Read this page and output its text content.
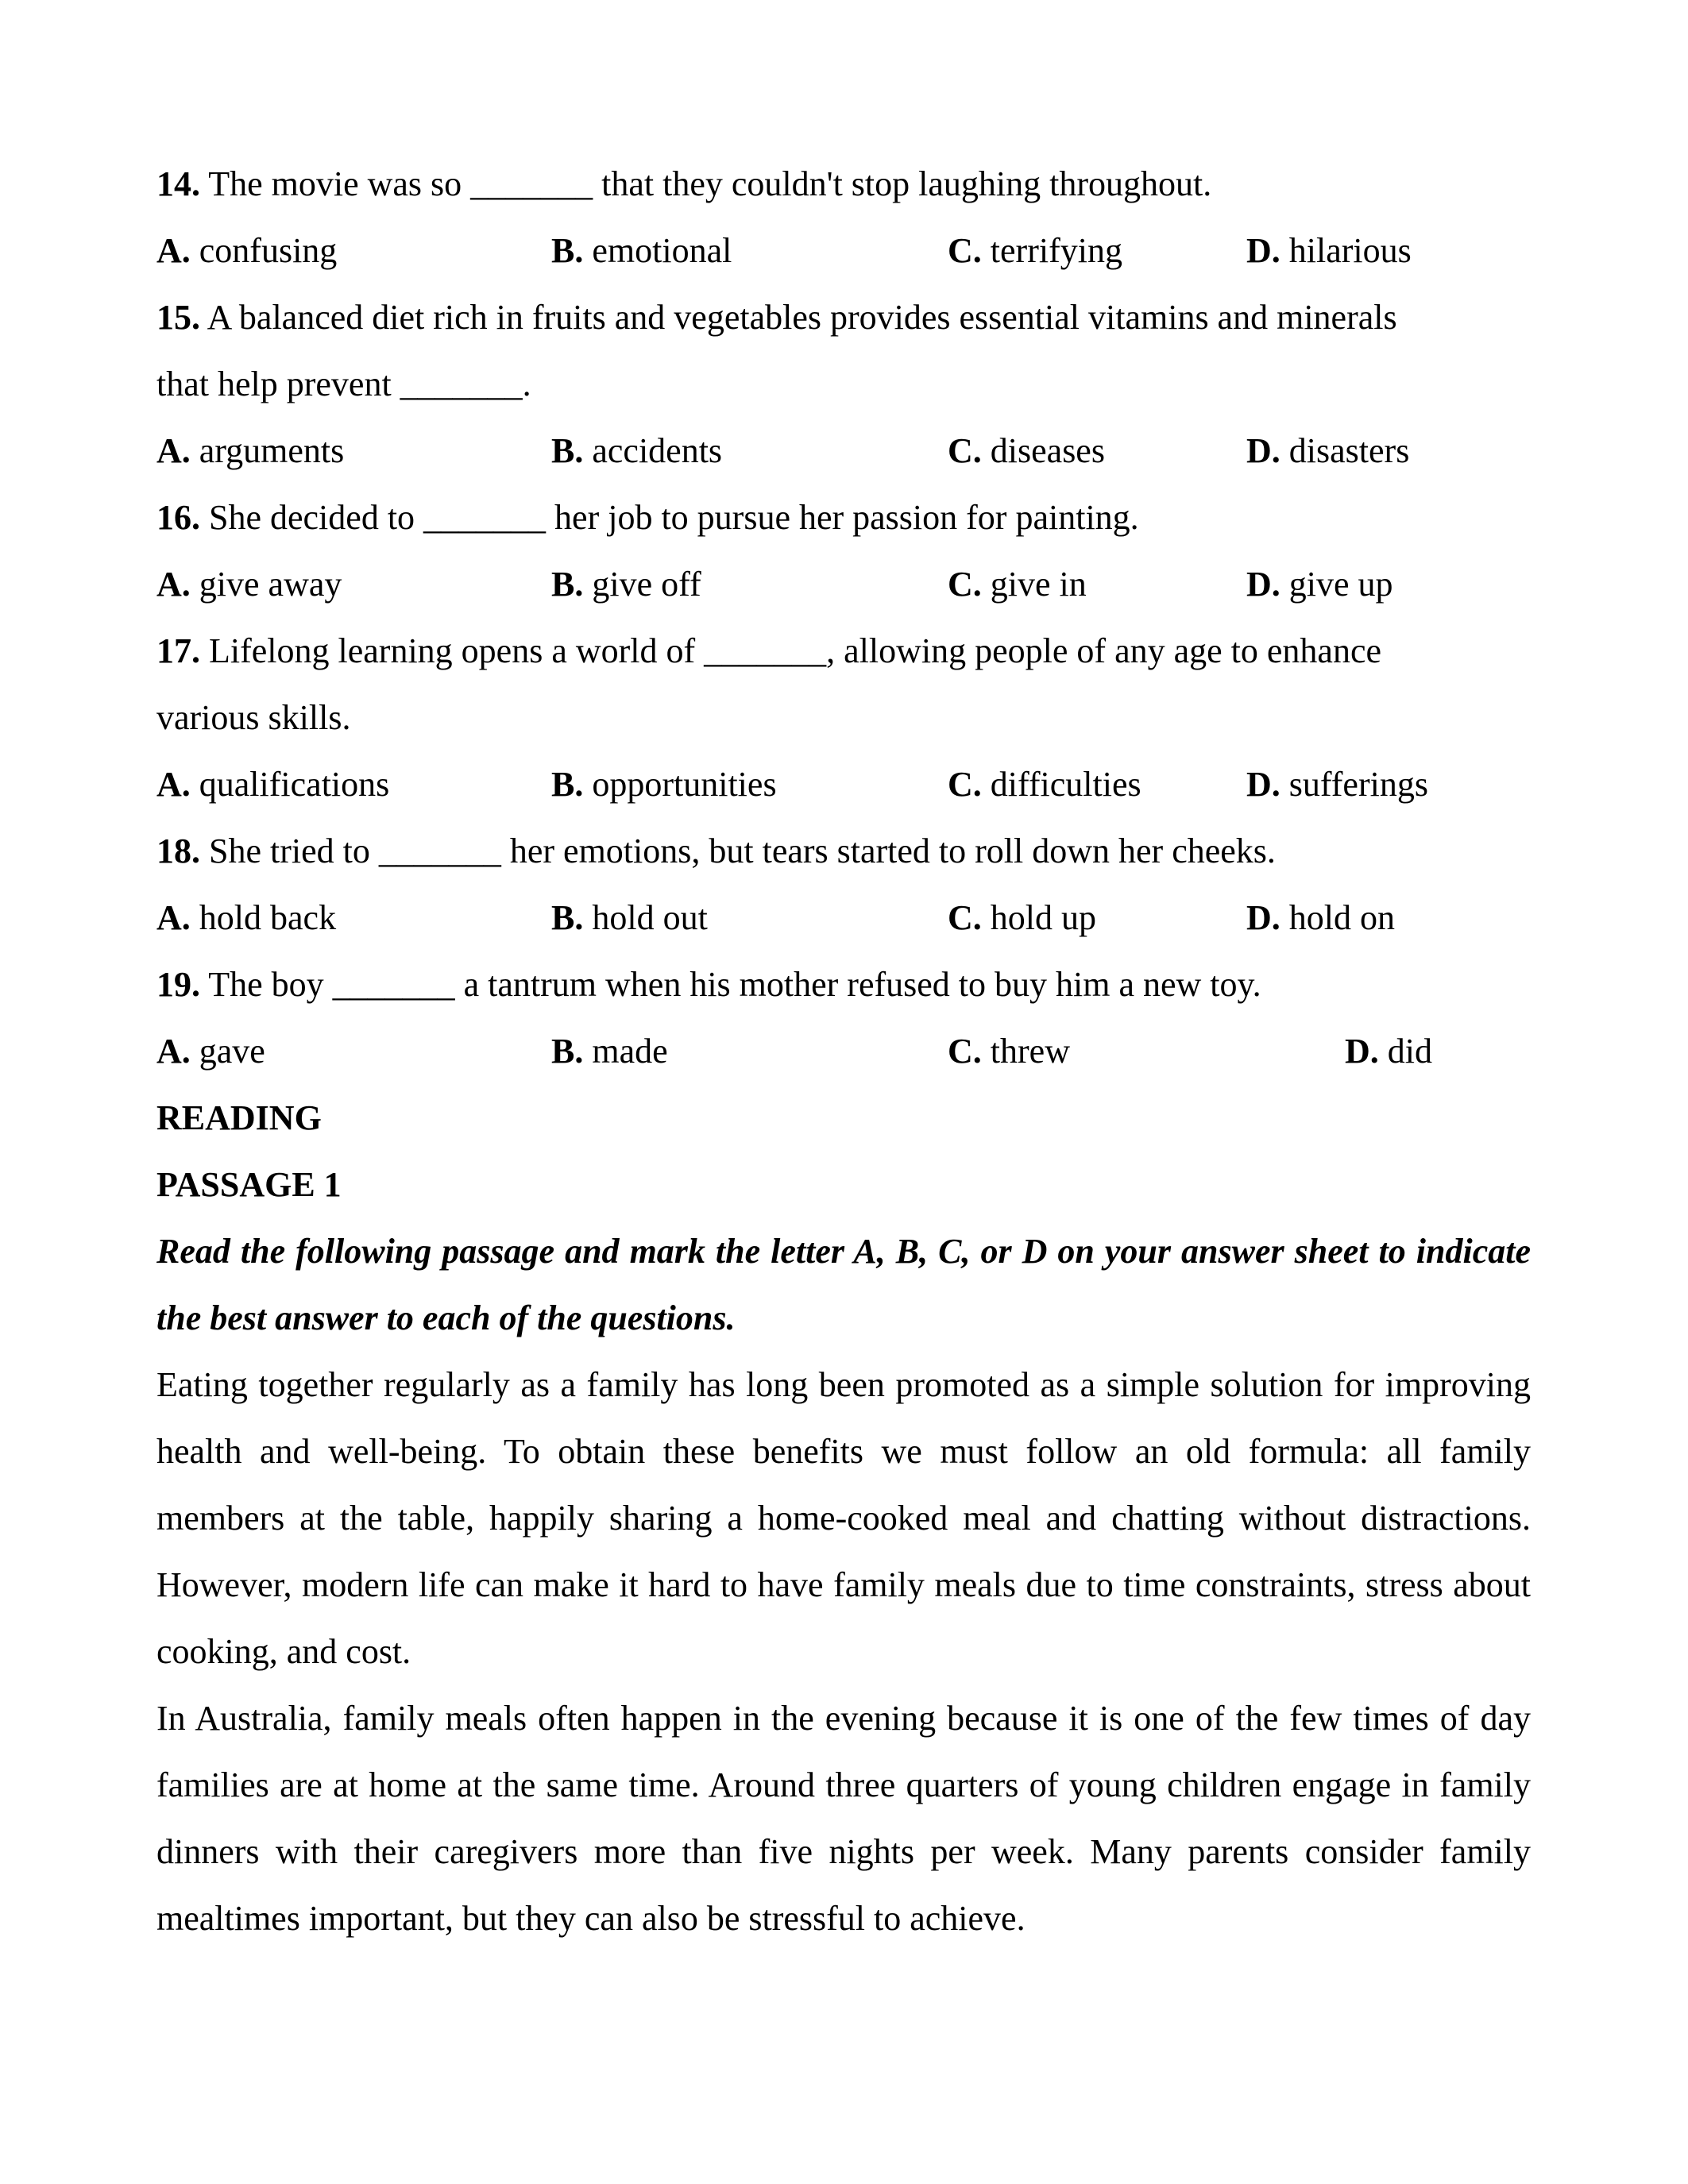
14. The movie was so _______ that they couldn't stop laughing throughout.
A. confusing	B. emotional	C. terrifying	D. hilarious
15. A balanced diet rich in fruits and vegetables provides essential vitamins and minerals
that help prevent _______.
A. arguments	B. accidents	C. diseases	D. disasters
16. She decided to _______ her job to pursue her passion for painting.
A. give away	B. give off	C. give in	D. give up
17. Lifelong learning opens a world of _______, allowing people of any age to enhance
various skills.
A. qualifications	B. opportunities	C. difficulties	D. sufferings
18. She tried to _______ her emotions, but tears started to roll down her cheeks.
A. hold back	B. hold out	C. hold up	D. hold on
19. The boy _______ a tantrum when his mother refused to buy him a new toy.
A. gave	B. made	C. threw	D. did
READING
PASSAGE 1
Read the following passage and mark the letter A, B, C, or D on your answer sheet to indicate the best answer to each of the questions.
Eating together regularly as a family has long been promoted as a simple solution for improving health and well-being. To obtain these benefits we must follow an old formula: all family members at the table, happily sharing a home-cooked meal and chatting without distractions. However, modern life can make it hard to have family meals due to time constraints, stress about cooking, and cost.
In Australia, family meals often happen in the evening because it is one of the few times of day families are at home at the same time. Around three quarters of young children engage in family dinners with their caregivers more than five nights per week. Many parents consider family mealtimes important, but they can also be stressful to achieve.
